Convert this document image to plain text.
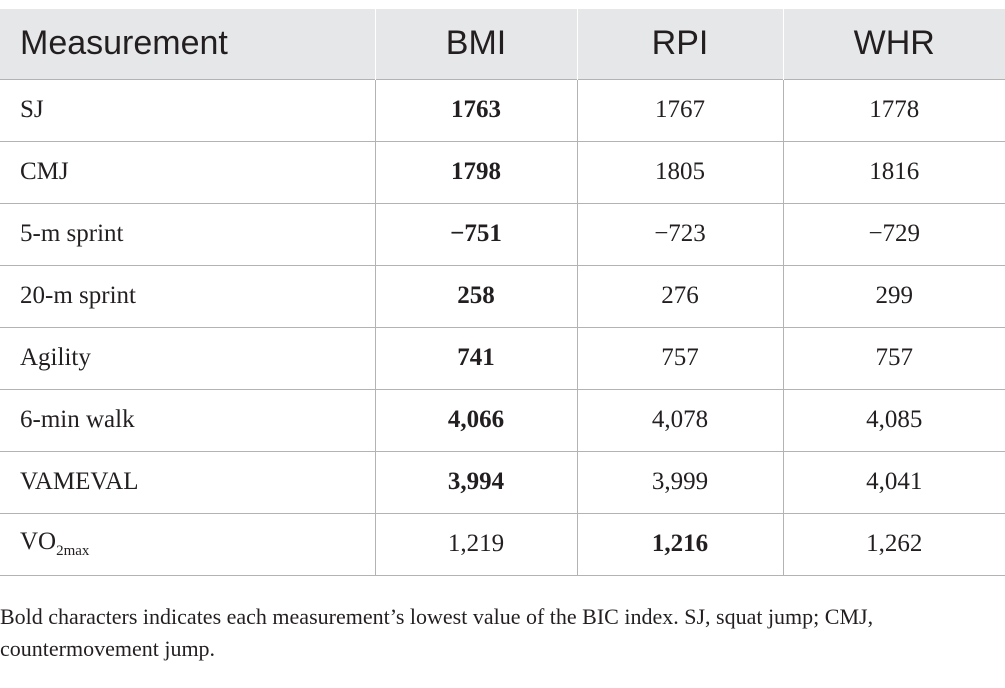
Measurement	BMI	RPI	WHR
SJ	1763	1767	1778
CMJ	1798	1805	1816
5-m sprint	−751	−723	−729
20-m sprint	258	276	299
Agility	741	757	757
6-min walk	4,066	4,078	4,085
VAMEVAL	3,994	3,999	4,041
$VO_{2max}$	1,219	1,216	1,262

Bold characters indicates each measurement’s lowest value of the BIC index. SJ, squat jump; CMJ, countermovement jump.
